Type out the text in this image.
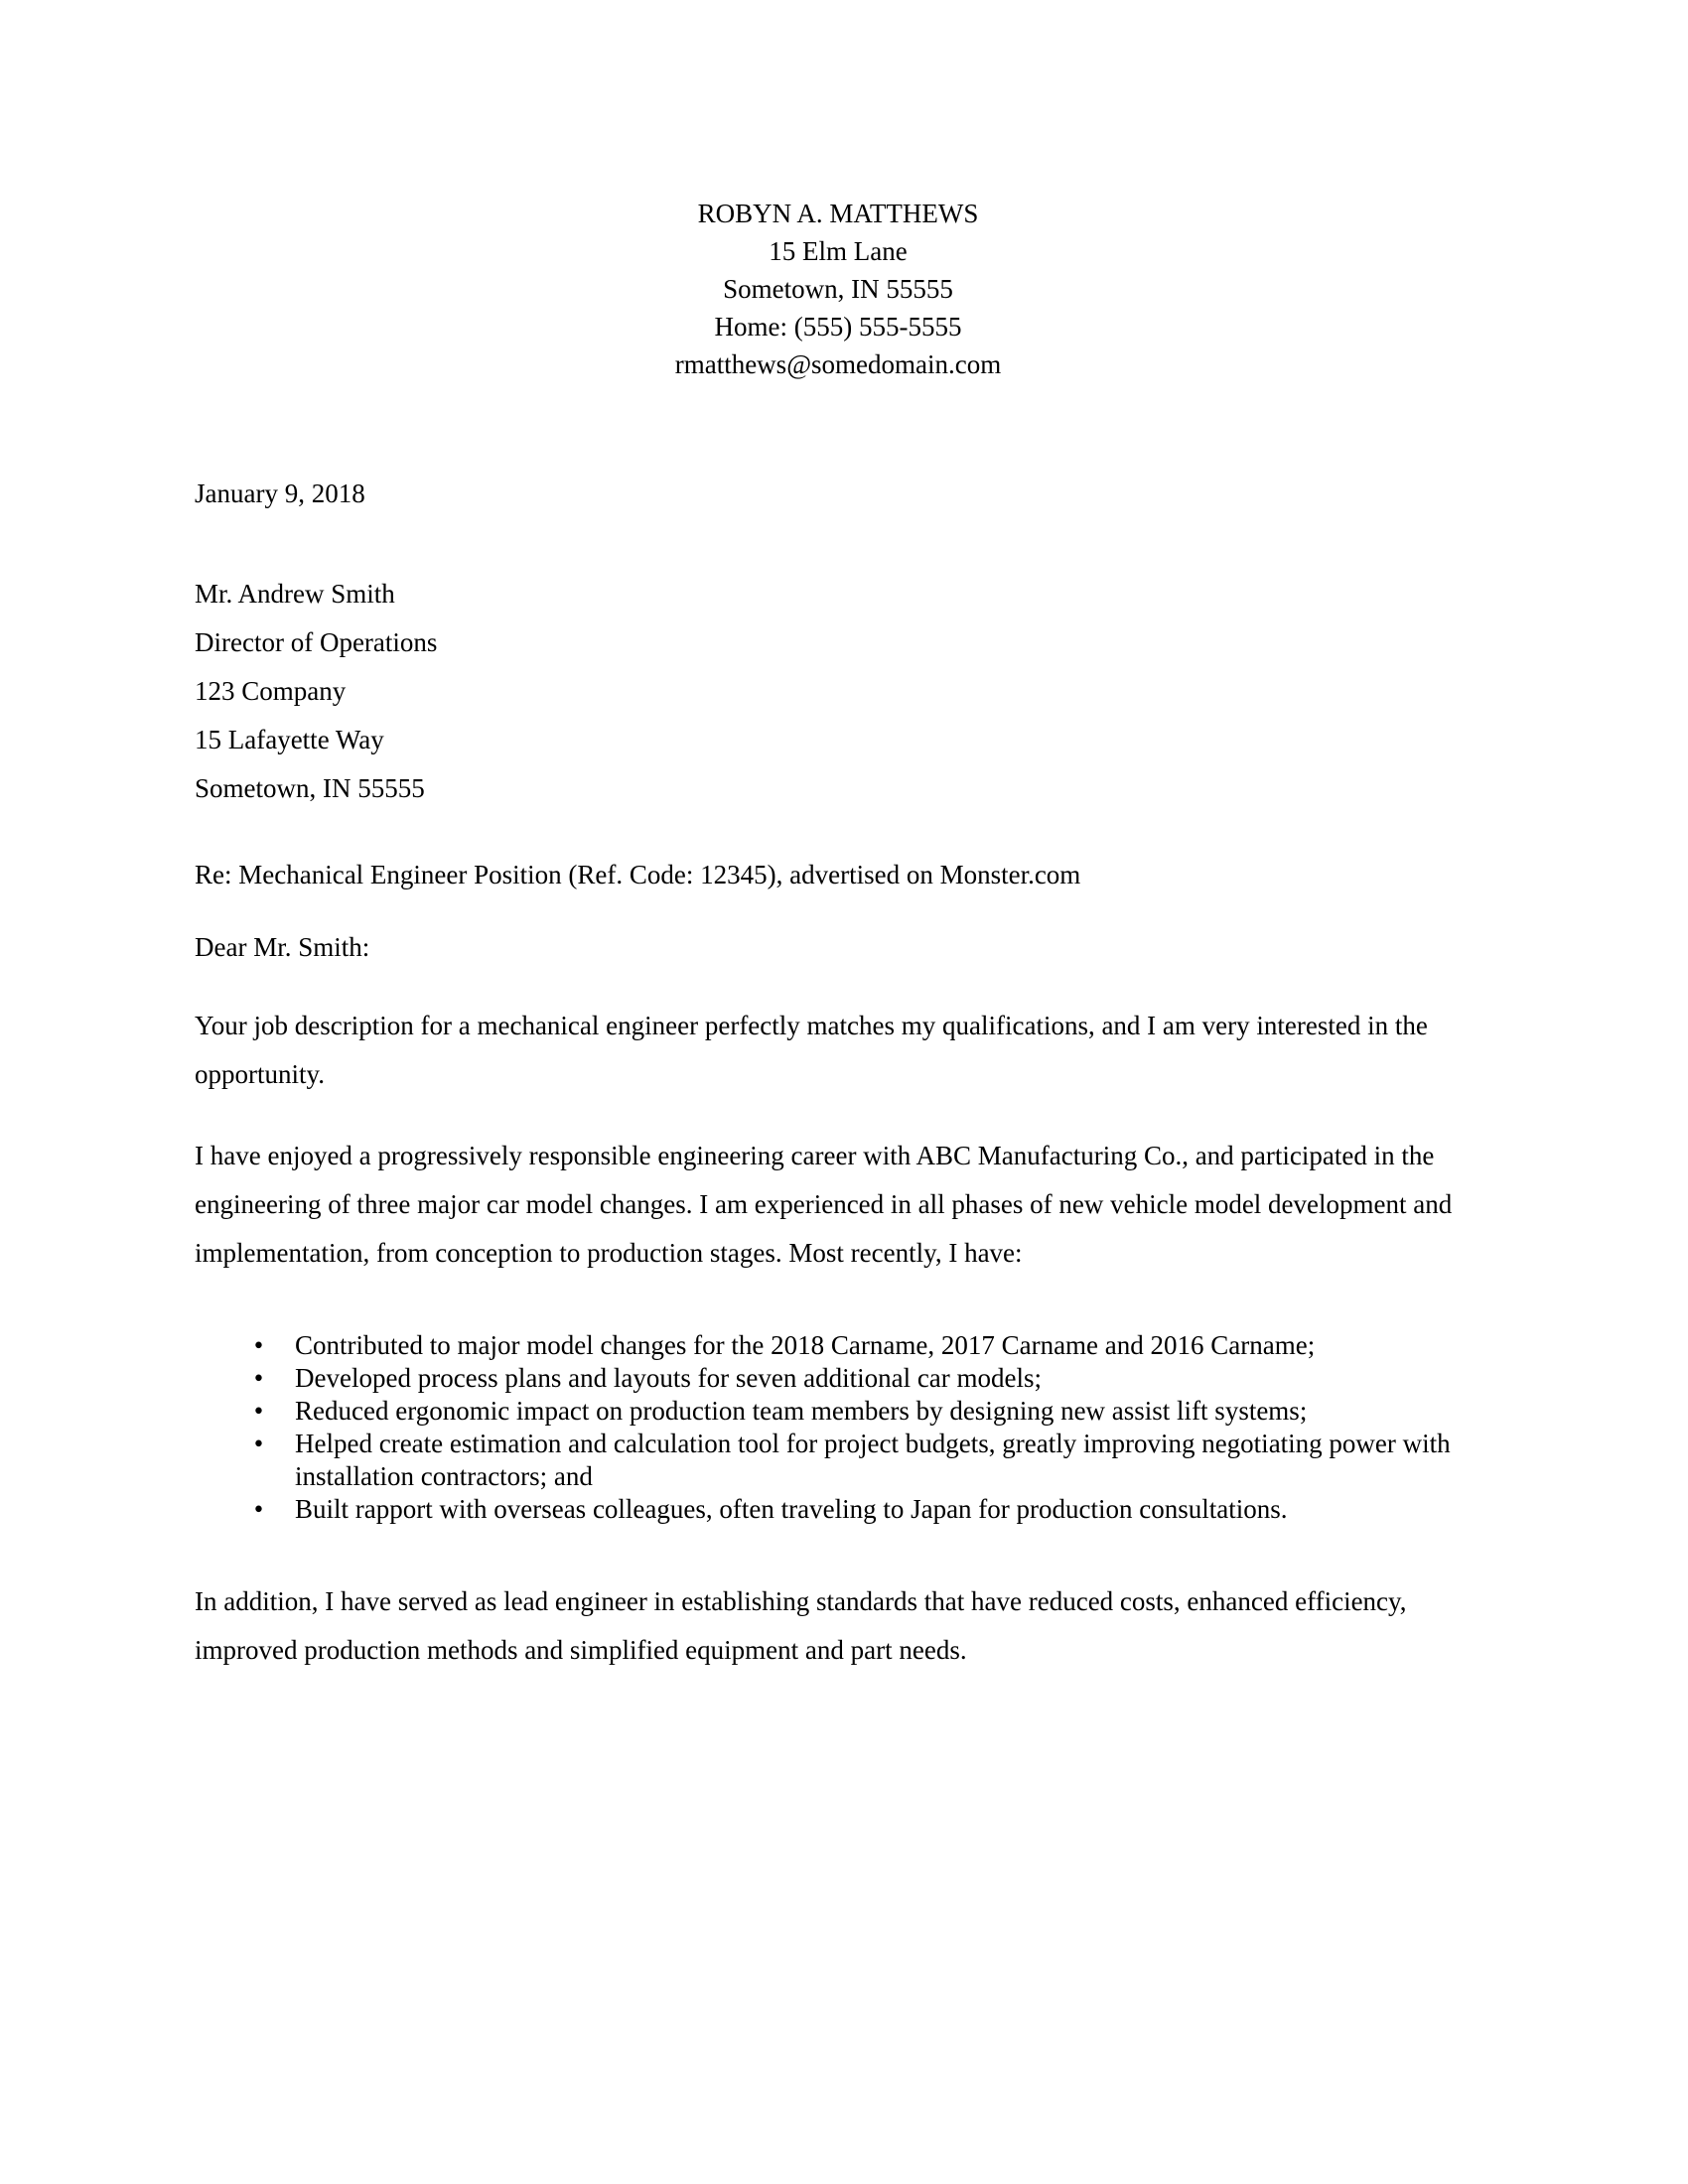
ROBYN A. MATTHEWS
15 Elm Lane
Sometown, IN 55555
Home: (555) 555-5555
rmatthews@somedomain.com
January 9, 2018
Mr. Andrew Smith
Director of Operations
123 Company
15 Lafayette Way
Sometown, IN 55555
Re: Mechanical Engineer Position (Ref. Code: 12345), advertised on Monster.com
Dear Mr. Smith:

Your job description for a mechanical engineer perfectly matches my qualifications, and I am very interested in the opportunity.

I have enjoyed a progressively responsible engineering career with ABC Manufacturing Co., and participated in the engineering of three major car model changes. I am experienced in all phases of new vehicle model development and implementation, from conception to production stages. Most recently, I have:

• Contributed to major model changes for the 2018 Carname, 2017 Carname and 2016 Carname;
• Developed process plans and layouts for seven additional car models;
• Reduced ergonomic impact on production team members by designing new assist lift systems;
• Helped create estimation and calculation tool for project budgets, greatly improving negotiating power with installation contractors; and
• Built rapport with overseas colleagues, often traveling to Japan for production consultations.

In addition, I have served as lead engineer in establishing standards that have reduced costs, enhanced efficiency, improved production methods and simplified equipment and part needs.
